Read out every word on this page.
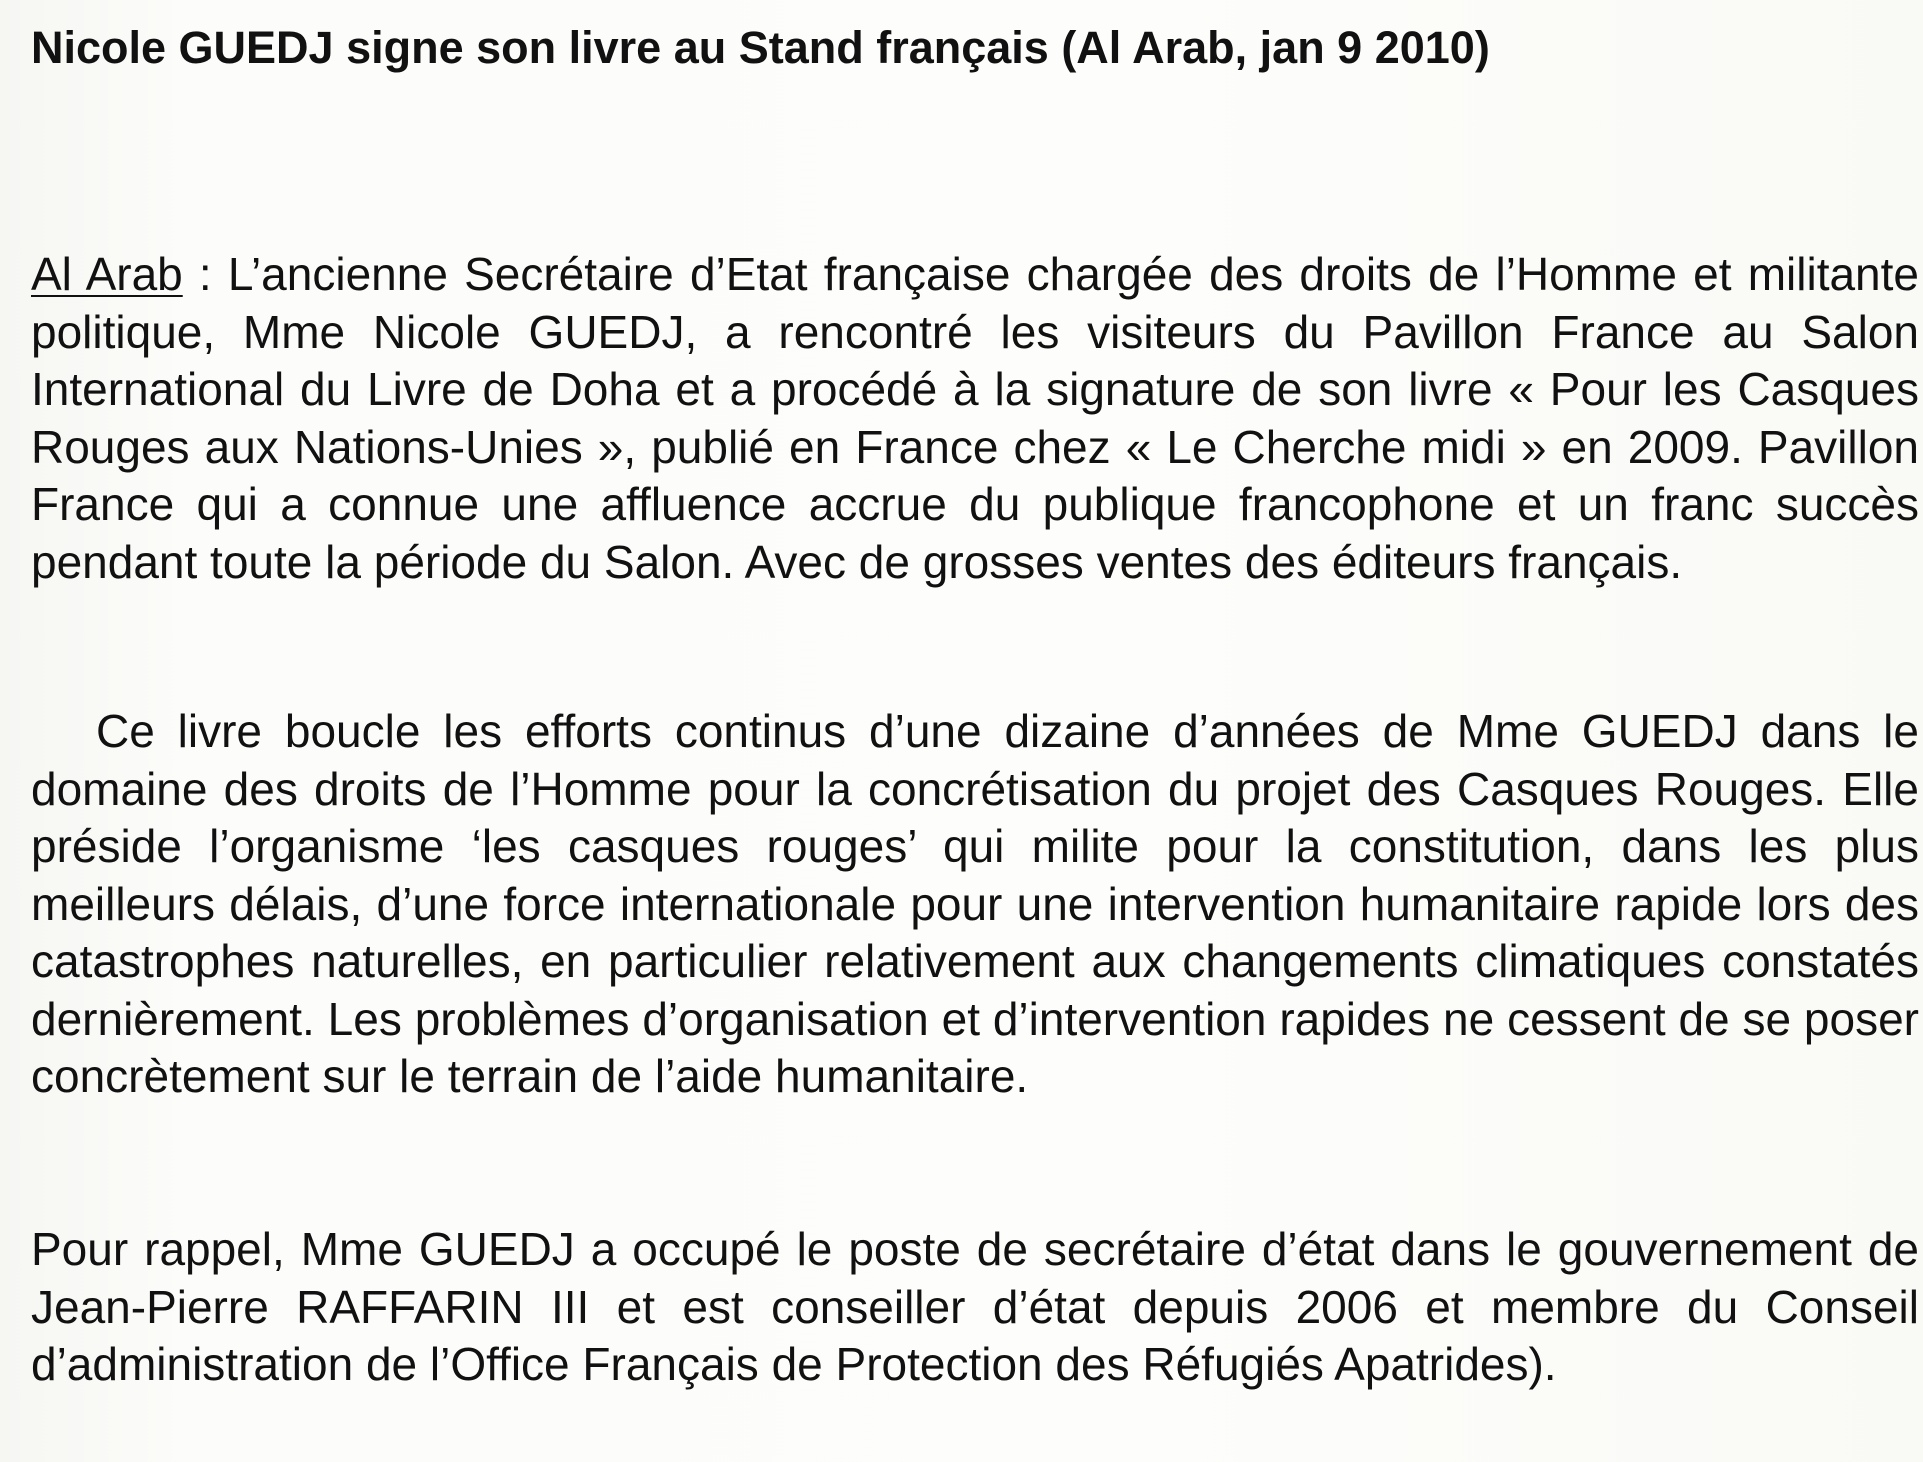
Nicole GUEDJ signe son livre au Stand français (Al Arab, jan 9 2010)

Al Arab : L’ancienne Secrétaire d’Etat française chargée des droits de l’Homme et militante politique, Mme Nicole GUEDJ, a rencontré les visiteurs du Pavillon France au Salon International du Livre de Doha et a procédé à la signature de son livre « Pour les Casques Rouges aux Nations-Unies », publié en France chez « Le Cherche midi » en 2009. Pavillon France qui a connue une affluence accrue du publique francophone et un franc succès pendant toute la période du Salon. Avec de grosses ventes des éditeurs français.

Ce livre boucle les efforts continus d’une dizaine d’années de Mme GUEDJ dans le domaine des droits de l’Homme pour la concrétisation du projet des Casques Rouges. Elle préside l’organisme ‘les casques rouges’ qui milite pour la constitution, dans les plus meilleurs délais, d’une force internationale pour une intervention humanitaire rapide lors des catastrophes naturelles, en particulier relativement aux changements climatiques constatés dernièrement. Les problèmes d’organisation et d’intervention rapides ne cessent de se poser concrètement sur le terrain de l’aide humanitaire.

Pour rappel, Mme GUEDJ a occupé le poste de secrétaire d’état dans le gouvernement de Jean-Pierre RAFFARIN III et est conseiller d’état depuis 2006 et membre du Conseil d’administration de l’Office Français de Protection des Réfugiés Apatrides).
